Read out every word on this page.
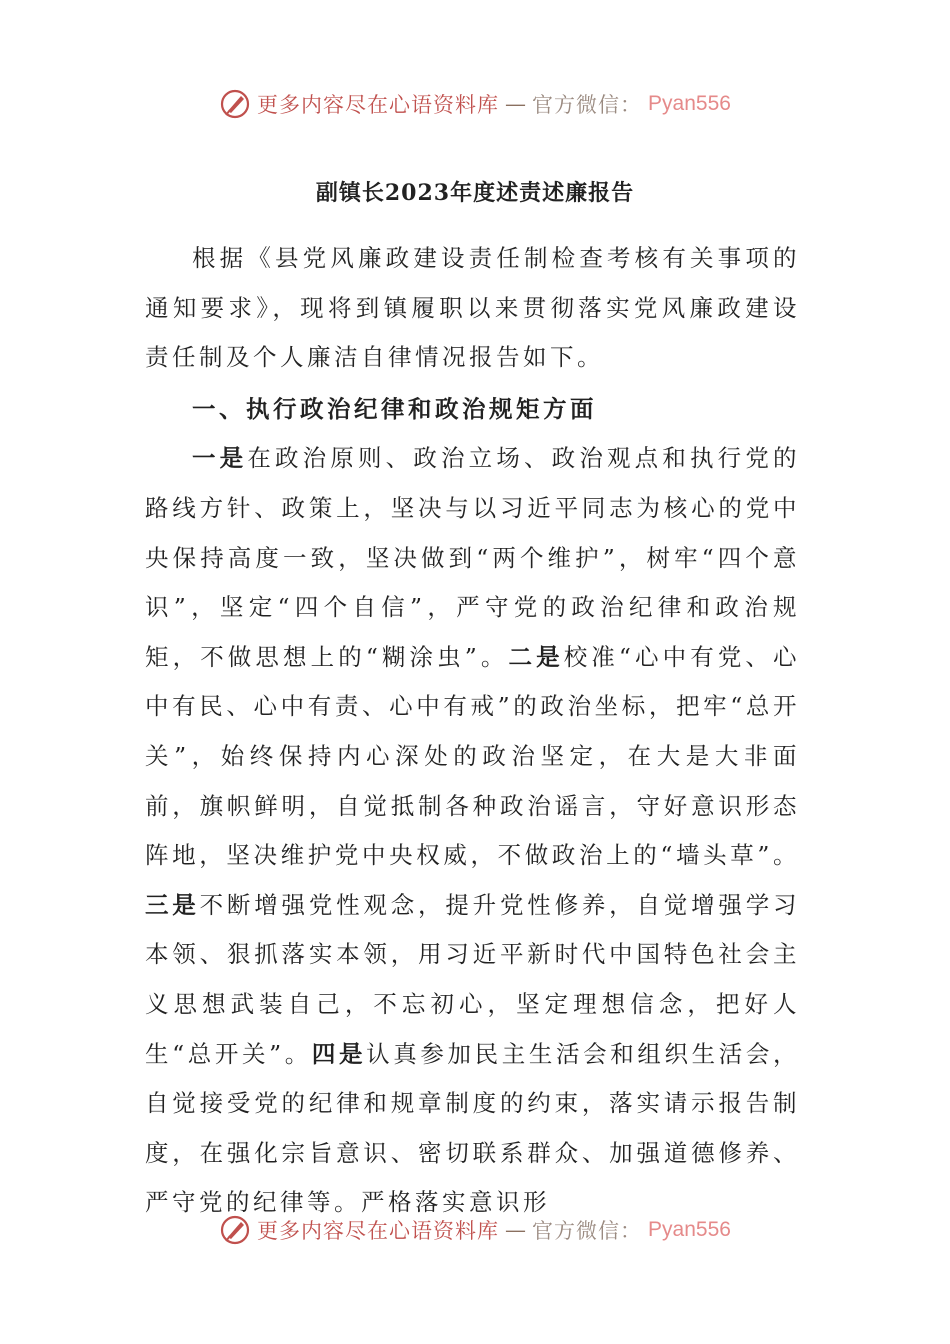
更多内容尽在心语资料库 — 官方微信： Pyan556
副镇长2023年度述责述廉报告

根据《县党风廉政建设责任制检查考核有关事项的通知要求》，现将到镇履职以来贯彻落实党风廉政建设责任制及个人廉洁自律情况报告如下。

一、执行政治纪律和政治规矩方面

一是在政治原则、政治立场、政治观点和执行党的路线方针、政策上，坚决与以习近平同志为核心的党中央保持高度一致，坚决做到“两个维护”，树牢“四个意识”，坚定“四个自信”，严守党的政治纪律和政治规矩，不做思想上的“糊涂虫”。二是校准“心中有党、心中有民、心中有责、心中有戒”的政治坐标，把牢“总开关”，始终保持内心深处的政治坚定，在大是大非面前，旗帜鲜明，自觉抵制各种政治谣言，守好意识形态阵地，坚决维护党中央权威，不做政治上的“墙头草”。三是不断增强党性观念，提升党性修养，自觉增强学习本领、狠抓落实本领，用习近平新时代中国特色社会主义思想武装自己，不忘初心，坚定理想信念，把好人生“总开关”。四是认真参加民主生活会和组织生活会，自觉接受党的纪律和规章制度的约束，落实请示报告制度，在强化宗旨意识、密切联系群众、加强道德修养、严守党的纪律等。严格落实意识形

更多内容尽在心语资料库 — 官方微信： Pyan556
